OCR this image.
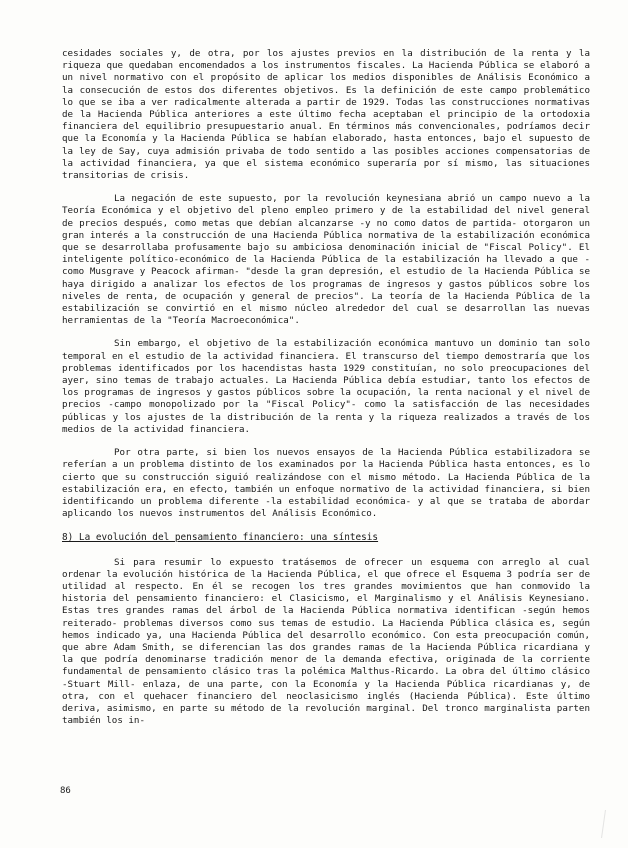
cesidades sociales y, de otra, por los ajustes previos en la distribución de la renta y la riqueza que quedaban encomendados a los instrumentos fiscales. La Hacienda Pública se elaboró a un nivel normativo con el propósito de aplicar los medios disponibles de Análisis Económico a la consecución de estos dos diferentes objetivos. Es la definición de este campo problemático lo que se iba a ver radicalmente alterada a partir de 1929. Todas las construcciones normativas de la Hacienda Pública anteriores a este último fecha aceptaban el principio de la ortodoxia financiera del equilibrio presupuestario anual. En términos más convencionales, podríamos decir que la Economía y la Hacienda Pública se habían elaborado, hasta entonces, bajo el supuesto de la ley de Say, cuya admisión privaba de todo sentido a las posibles acciones compensatorias de la actividad financiera, ya que el sistema económico superaría por sí mismo, las situaciones transitorias de crisis.

La negación de este supuesto, por la revolución keynesiana abrió un campo nuevo a la Teoría Económica y el objetivo del pleno empleo primero y de la estabilidad del nivel general de precios después, como metas que debían alcanzarse -y no como datos de partida- otorgaron un gran interés a la construcción de una Hacienda Pública normativa de la estabilización económica que se desarrollaba profusamente bajo su ambiciosa denominación inicial de "Fiscal Policy". El inteligente político-económico de la Hacienda Pública de la estabilización ha llevado a que -como Musgrave y Peacock afirman- "desde la gran depresión, el estudio de la Hacienda Pública se haya dirigido a analizar los efectos de los programas de ingresos y gastos públicos sobre los niveles de renta, de ocupación y general de precios". La teoría de la Hacienda Pública de la estabilización se convirtió en el mismo núcleo alrededor del cual se desarrollan las nuevas herramientas de la "Teoría Macroeconómica".

Sin embargo, el objetivo de la estabilización económica mantuvo un dominio tan solo temporal en el estudio de la actividad financiera. El transcurso del tiempo demostraría que los problemas identificados por los hacendistas hasta 1929 constituían, no solo preocupaciones del ayer, sino temas de trabajo actuales. La Hacienda Pública debía estudiar, tanto los efectos de los programas de ingresos y gastos públicos sobre la ocupación, la renta nacional y el nivel de precios -campo monopolizado por la "Fiscal Policy"- como la satisfacción de las necesidades públicas y los ajustes de la distribución de la renta y la riqueza realizados a través de los medios de la actividad financiera.

Por otra parte, si bien los nuevos ensayos de la Hacienda Pública estabilizadora se referían a un problema distinto de los examinados por la Hacienda Pública hasta entonces, es lo cierto que su construcción siguió realizándose con el mismo método. La Hacienda Pública de la estabilización era, en efecto, también un enfoque normativo de la actividad financiera, si bien identificando un problema diferente -la estabilidad económica- y al que se trataba de abordar aplicando los nuevos instrumentos del Análisis Económico.

8) La evolución del pensamiento financiero: una síntesis

Si para resumir lo expuesto tratásemos de ofrecer un esquema con arreglo al cual ordenar la evolución histórica de la Hacienda Pública, el que ofrece el Esquema 3 podría ser de utilidad al respecto. En él se recogen los tres grandes movimientos que han conmovido la historia del pensamiento financiero: el Clasicismo, el Marginalismo y el Análisis Keynesiano. Estas tres grandes ramas del árbol de la Hacienda Pública normativa identifican -según hemos reiterado- problemas diversos como sus temas de estudio. La Hacienda Pública clásica es, según hemos indicado ya, una Hacienda Pública del desarrollo económico. Con esta preocupación común, que abre Adam Smith, se diferencian las dos grandes ramas de la Hacienda Pública ricardiana y la que podría denominarse tradición menor de la demanda efectiva, originada de la corriente fundamental de pensamiento clásico tras la polémica Malthus-Ricardo. La obra del último clásico -Stuart Mill- enlaza, de una parte, con la Economía y la Hacienda Pública ricardianas y, de otra, con el quehacer financiero del neoclasicismo inglés (Hacienda Pública). Este último deriva, asimismo, en parte su método de la revolución marginal. Del tronco marginalista parten también los in-

86
